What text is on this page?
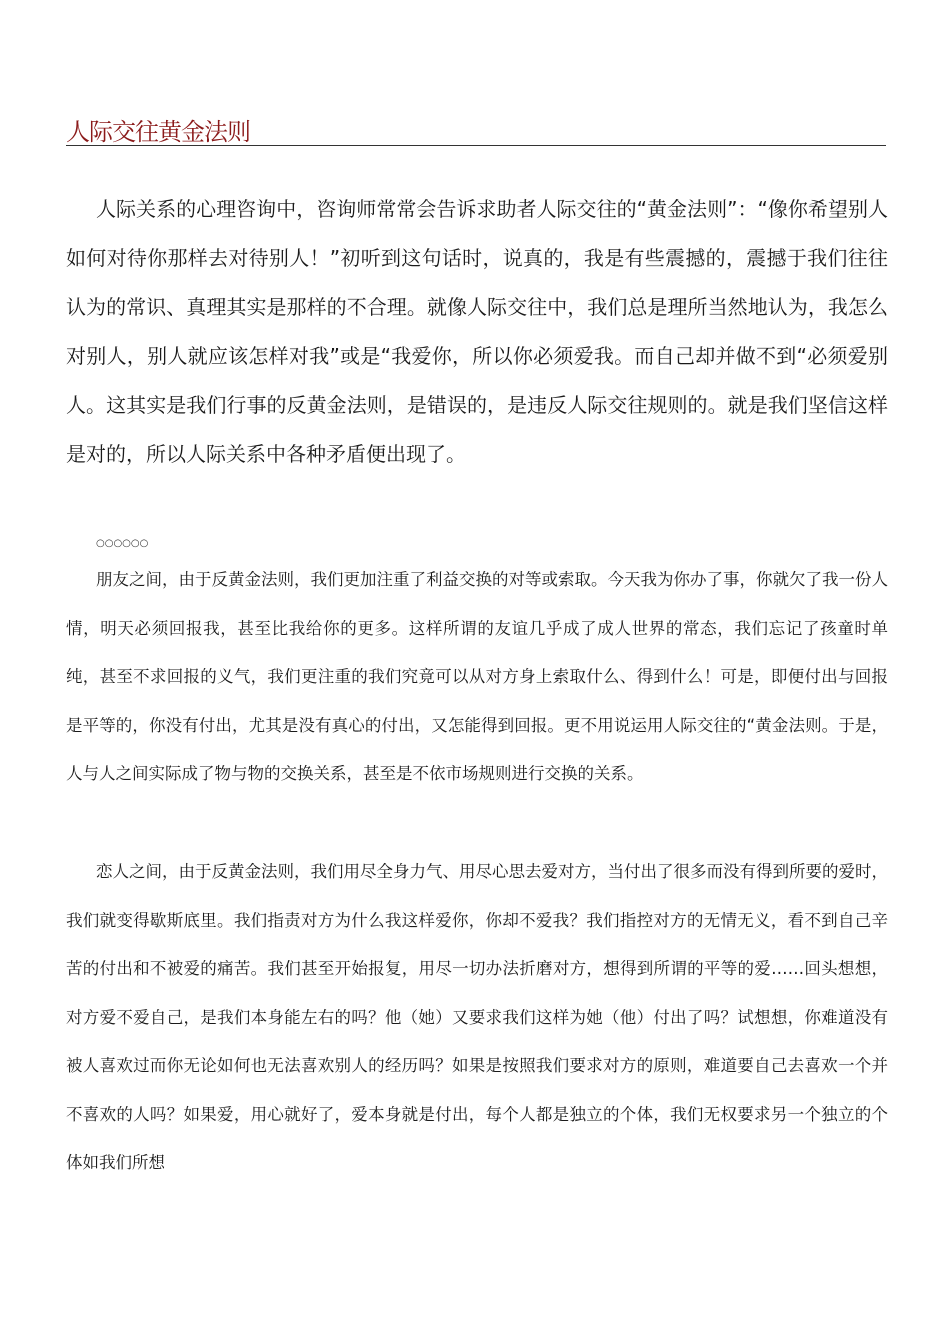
人际交往黄金法则

人际关系的心理咨询中，咨询师常常会告诉求助者人际交往的“黄金法则”：“像你希望别人如何对待你那样去对待别人！”初听到这句话时，说真的，我是有些震撼的，震撼于我们往往认为的常识、真理其实是那样的不合理。就像人际交往中，我们总是理所当然地认为，我怎么对别人，别人就应该怎样对我”或是“我爱你，所以你必须爱我。而自己却并做不到“必须爱别人。这其实是我们行事的反黄金法则，是错误的，是违反人际交往规则的。就是我们坚信这样是对的，所以人际关系中各种矛盾便出现了。

○○○○○○

朋友之间，由于反黄金法则，我们更加注重了利益交换的对等或索取。今天我为你办了事，你就欠了我一份人情，明天必须回报我，甚至比我给你的更多。这样所谓的友谊几乎成了成人世界的常态，我们忘记了孩童时单纯，甚至不求回报的义气，我们更注重的我们究竟可以从对方身上索取什么、得到什么！可是，即便付出与回报是平等的，你没有付出，尤其是没有真心的付出，又怎能得到回报。更不用说运用人际交往的“黄金法则。于是，人与人之间实际成了物与物的交换关系，甚至是不依市场规则进行交换的关系。

恋人之间，由于反黄金法则，我们用尽全身力气、用尽心思去爱对方，当付出了很多而没有得到所要的爱时，我们就变得歇斯底里。我们指责对方为什么我这样爱你，你却不爱我？我们指控对方的无情无义，看不到自己辛苦的付出和不被爱的痛苦。我们甚至开始报复，用尽一切办法折磨对方，想得到所谓的平等的爱……回头想想，对方爱不爱自己，是我们本身能左右的吗？他（她）又要求我们这样为她（他）付出了吗？试想想，你难道没有被人喜欢过而你无论如何也无法喜欢别人的经历吗？如果是按照我们要求对方的原则，难道要自己去喜欢一个并不喜欢的人吗？如果爱，用心就好了，爱本身就是付出，每个人都是独立的个体，我们无权要求另一个独立的个体如我们所想
